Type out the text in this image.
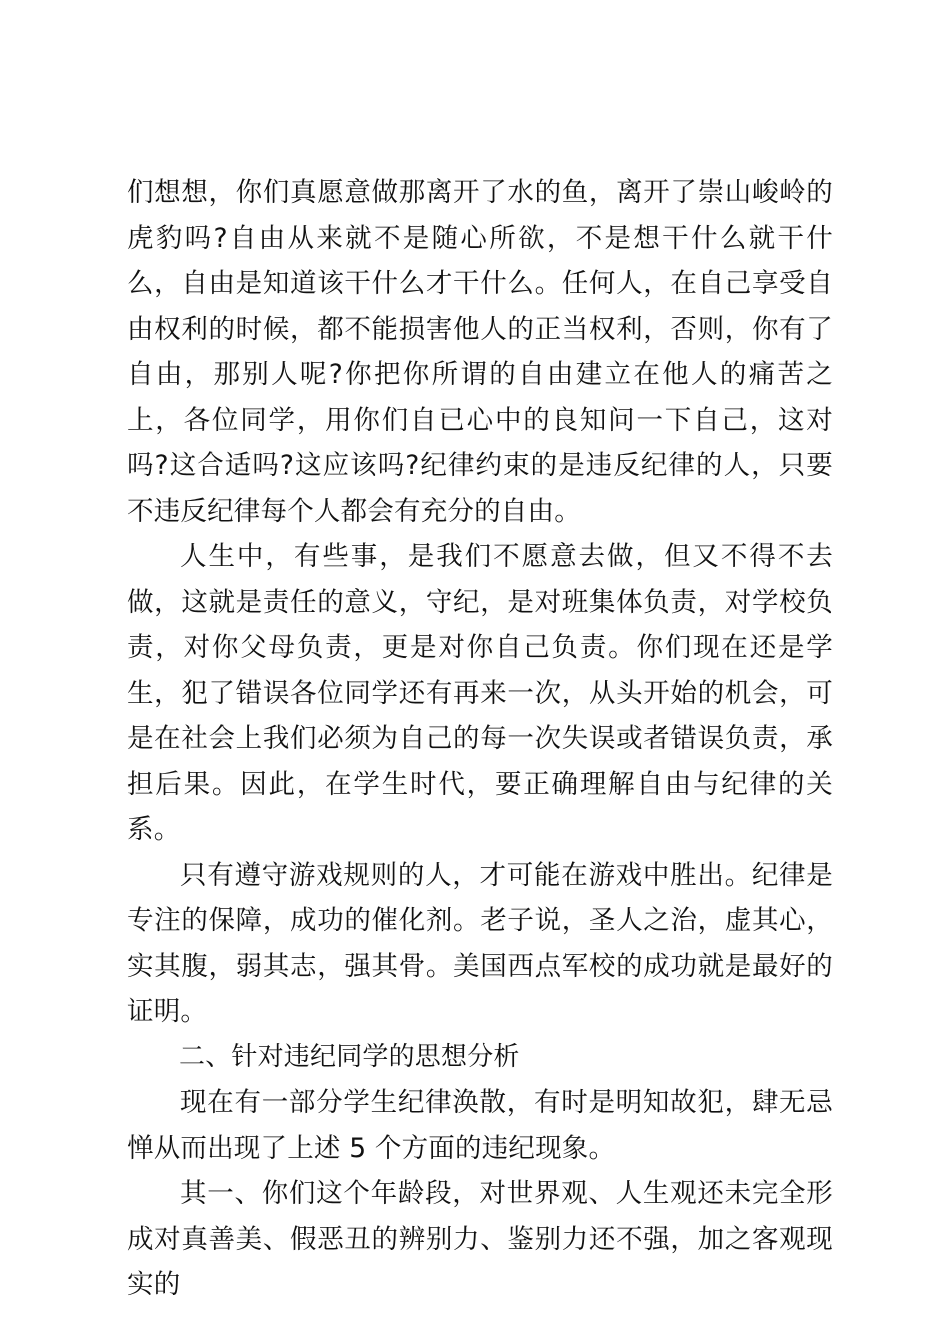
们想想，你们真愿意做那离开了水的鱼，离开了崇山峻岭的虎豹吗?自由从来就不是随心所欲，不是想干什么就干什么，自由是知道该干什么才干什么。任何人，在自己享受自由权利的时候，都不能损害他人的正当权利，否则，你有了自由，那别人呢?你把你所谓的自由建立在他人的痛苦之上，各位同学，用你们自已心中的良知问一下自己，这对吗?这合适吗?这应该吗?纪律约束的是违反纪律的人，只要不违反纪律每个人都会有充分的自由。

人生中，有些事，是我们不愿意去做，但又不得不去做，这就是责任的意义，守纪，是对班集体负责，对学校负责，对你父母负责，更是对你自己负责。你们现在还是学生，犯了错误各位同学还有再来一次，从头开始的机会，可是在社会上我们必须为自己的每一次失误或者错误负责，承担后果。因此，在学生时代，要正确理解自由与纪律的关系。

只有遵守游戏规则的人，才可能在游戏中胜出。纪律是专注的保障，成功的催化剂。老子说，圣人之治，虚其心，实其腹，弱其志，强其骨。美国西点军校的成功就是最好的证明。

二、针对违纪同学的思想分析

现在有一部分学生纪律涣散，有时是明知故犯，肆无忌惮从而出现了上述 5 个方面的违纪现象。

其一、你们这个年龄段，对世界观、人生观还未完全形成对真善美、假恶丑的辨别力、鉴别力还不强，加之客观现实的
